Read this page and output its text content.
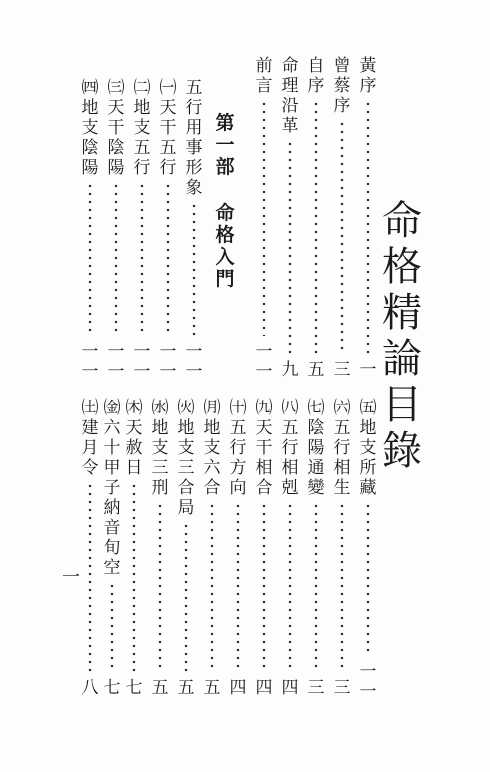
命
格
精
論
目
錄
第
一
部
命
格
入
門
一
黃
序
一
曾
蔡
序
三
自
序
五
命
理
沿
革
九
前
言
一
一
五
行
用
事
形
象
一
一
㈠
天
干
五
行
一
一
㈡
地
支
五
行
一
一
㈢
天
干
陰
陽
一
一
㈣
地
支
陰
陽
一
一
㈤
地
支
所
藏
一
一
㈥
五
行
相
生
三
㈦
陰
陽
通
變
三
㈧
五
行
相
剋
四
㈨
天
干
相
合
四
㈩
五
行
方
向
四
㈪
地
支
六
合
五
㈫
地
支
三
合
局
五
㈬
地
支
三
刑
五
㈭
天
赦
日
七
㈮
六
十
甲
子
納
音
旬
空
七
㈯
建
月
令
八
